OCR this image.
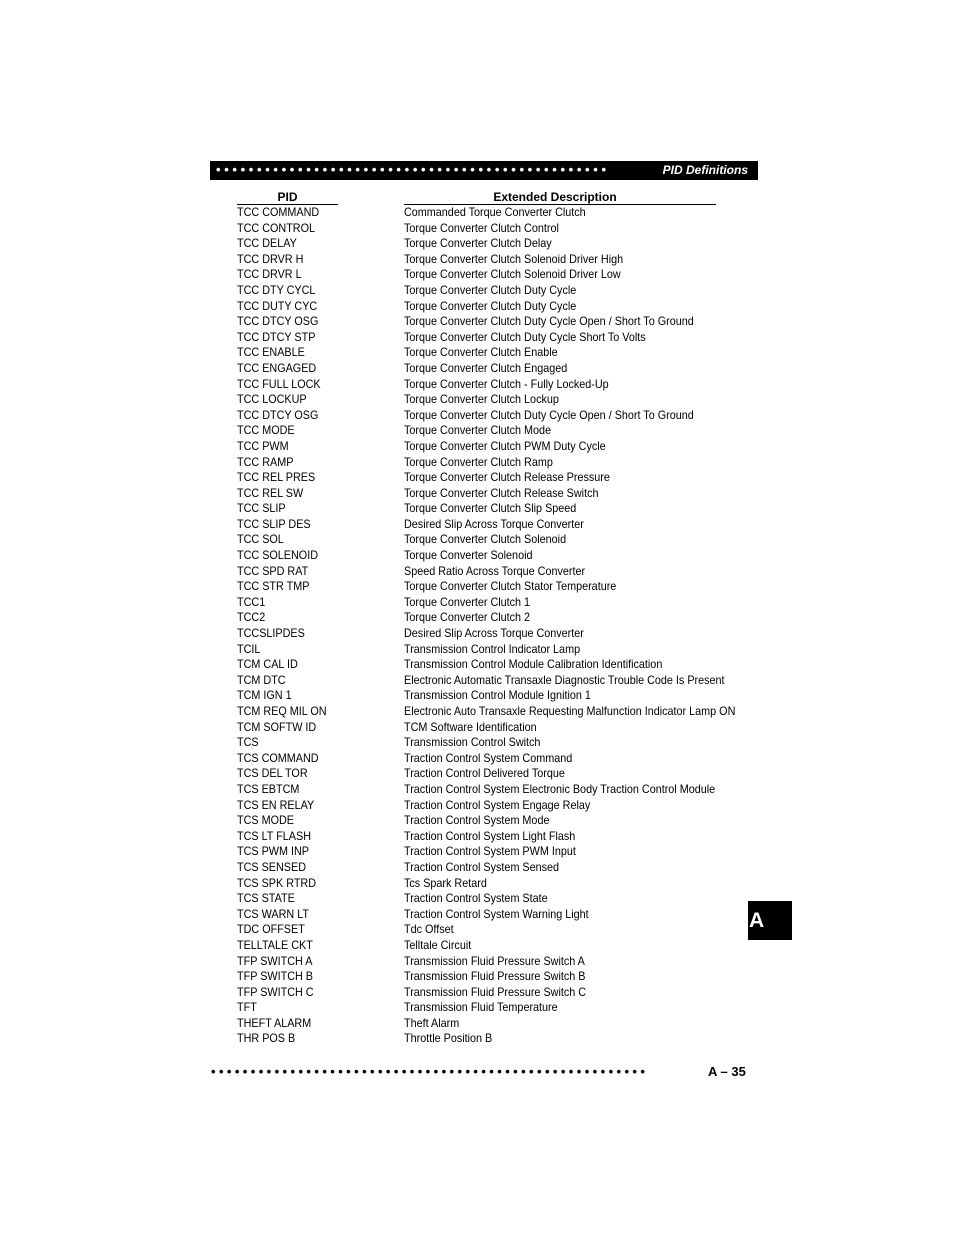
••••••••••••••••••••••••••••••••••••••••••••••••	PID Definitions
PID	Extended Description
TCC COMMAND	Commanded Torque Converter Clutch
TCC CONTROL	Torque Converter Clutch Control
TCC DELAY	Torque Converter Clutch Delay
TCC DRVR H	Torque Converter Clutch Solenoid Driver High
TCC DRVR L	Torque Converter Clutch Solenoid Driver Low
TCC DTY CYCL	Torque Converter Clutch Duty Cycle
TCC DUTY CYC	Torque Converter Clutch Duty Cycle
TCC DTCY OSG	Torque Converter Clutch Duty Cycle Open / Short To Ground
TCC DTCY STP	Torque Converter Clutch Duty Cycle Short To Volts
TCC ENABLE	Torque Converter Clutch Enable
TCC ENGAGED	Torque Converter Clutch Engaged
TCC FULL LOCK	Torque Converter Clutch - Fully Locked-Up
TCC LOCKUP	Torque Converter Clutch Lockup
TCC DTCY OSG	Torque Converter Clutch Duty Cycle Open / Short To Ground
TCC MODE	Torque Converter Clutch Mode
TCC PWM	Torque Converter Clutch PWM Duty Cycle
TCC RAMP	Torque Converter Clutch Ramp
TCC REL PRES	Torque Converter Clutch Release Pressure
TCC REL SW	Torque Converter Clutch Release Switch
TCC SLIP	Torque Converter Clutch Slip Speed
TCC SLIP DES	Desired Slip Across Torque Converter
TCC SOL	Torque Converter Clutch Solenoid
TCC SOLENOID	Torque Converter Solenoid
TCC SPD RAT	Speed Ratio Across Torque Converter
TCC STR TMP	Torque Converter Clutch Stator Temperature
TCC1	Torque Converter Clutch 1
TCC2	Torque Converter Clutch 2
TCCSLIPDES	Desired Slip Across Torque Converter
TCIL	Transmission Control Indicator Lamp
TCM CAL ID	Transmission Control Module Calibration Identification
TCM DTC	Electronic Automatic Transaxle Diagnostic Trouble Code Is Present
TCM IGN 1	Transmission Control Module Ignition 1
TCM REQ MIL ON	Electronic Auto Transaxle Requesting Malfunction Indicator Lamp ON
TCM SOFTW ID	TCM Software Identification
TCS	Transmission Control Switch
TCS COMMAND	Traction Control System Command
TCS DEL TOR	Traction Control Delivered Torque
TCS EBTCM	Traction Control System Electronic Body Traction Control Module
TCS EN RELAY	Traction Control System Engage Relay
TCS MODE	Traction Control System Mode
TCS LT FLASH	Traction Control System Light Flash
TCS PWM INP	Traction Control System PWM Input
TCS SENSED	Traction Control System Sensed
TCS SPK RTRD	Tcs Spark Retard
TCS STATE	Traction Control System State
TCS WARN LT	Traction Control System Warning Light
TDC OFFSET	Tdc Offset
TELLTALE CKT	Telltale Circuit
TFP SWITCH A	Transmission Fluid Pressure Switch A
TFP SWITCH B	Transmission Fluid Pressure Switch B
TFP SWITCH C	Transmission Fluid Pressure Switch C
TFT	Transmission Fluid Temperature
THEFT ALARM	Theft Alarm
THR POS B	Throttle Position B
•••••••••••••••••••••••••••••••••••••••••••••••••••••••	A – 35
A
